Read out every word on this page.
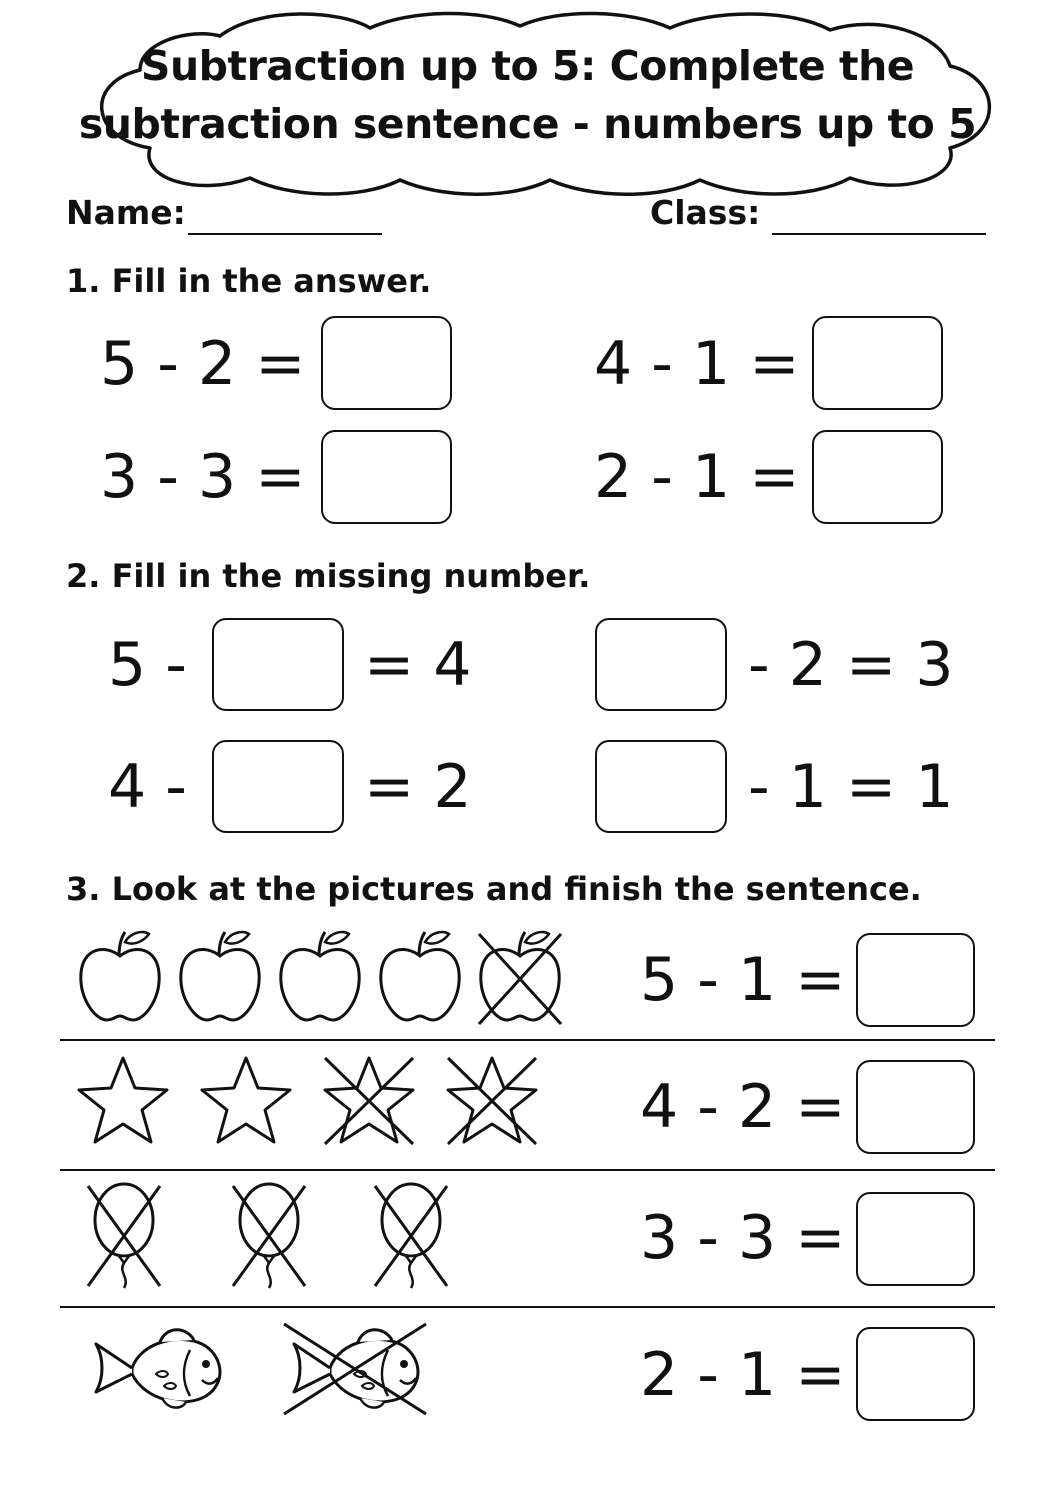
Subtraction up to 5: Complete the
subtraction sentence - numbers up to 5
Name:	Class:
1. Fill in the answer.
5 - 2 =	4 - 1 =
3 - 3 =	2 - 1 =
2. Fill in the missing number.
5 -	= 4	- 2 = 3
4 -	= 2	- 1 = 1
3. Look at the pictures and finish the sentence.
5 - 1 =
4 - 2 =
3 - 3 =
2 - 1 =
